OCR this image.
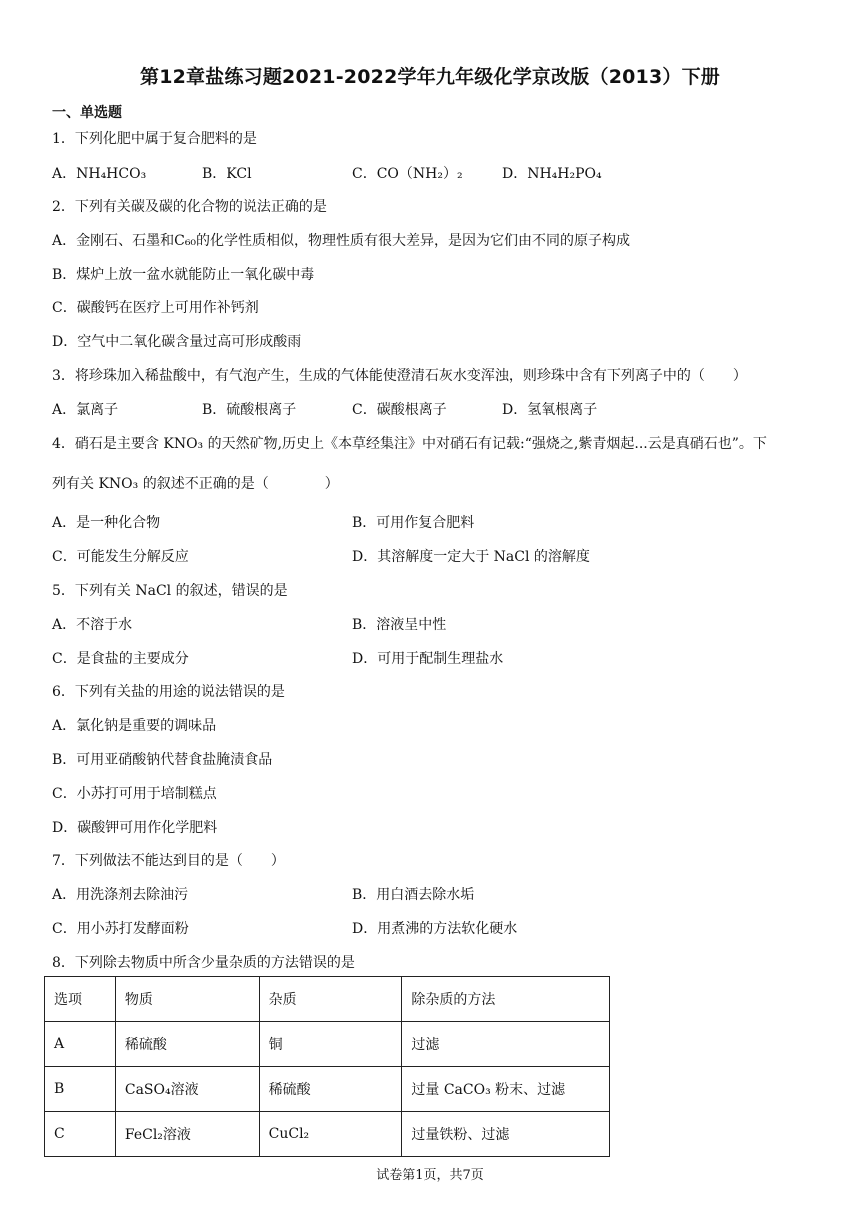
第12章盐练习题2021-2022学年九年级化学京改版（2013）下册
一、单选题
1．下列化肥中属于复合肥料的是
A．NH₄HCO₃	B．KCl	C．CO（NH₂）₂	D．NH₄H₂PO₄
2．下列有关碳及碳的化合物的说法正确的是
A．金刚石、石墨和C₆₀的化学性质相似，物理性质有很大差异，是因为它们由不同的原子构成
B．煤炉上放一盆水就能防止一氧化碳中毒
C．碳酸钙在医疗上可用作补钙剂
D．空气中二氧化碳含量过高可形成酸雨
3．将珍珠加入稀盐酸中，有气泡产生，生成的气体能使澄清石灰水变浑浊，则珍珠中含有下列离子中的（　　）
A．氯离子	B．硫酸根离子	C．碳酸根离子	D．氢氧根离子
4．硝石是主要含 KNO₃ 的天然矿物,历史上《本草经集注》中对硝石有记载:“强烧之,紫青烟起...云是真硝石也”。下
列有关 KNO₃ 的叙述不正确的是（　　　　）
A．是一种化合物	B．可用作复合肥料
C．可能发生分解反应	D．其溶解度一定大于 NaCl 的溶解度
5．下列有关 NaCl 的叙述，错误的是
A．不溶于水	B．溶液呈中性
C．是食盐的主要成分	D．可用于配制生理盐水
6．下列有关盐的用途的说法错误的是
A．氯化钠是重要的调味品
B．可用亚硝酸钠代替食盐腌渍食品
C．小苏打可用于培制糕点
D．碳酸钾可用作化学肥料
7．下列做法不能达到目的是（　　）
A．用洗涤剂去除油污	B．用白酒去除水垢
C．用小苏打发酵面粉	D．用煮沸的方法软化硬水
8．下列除去物质中所含少量杂质的方法错误的是
选项	物质	杂质	除杂质的方法
A	稀硫酸	铜	过滤
B	CaSO₄溶液	稀硫酸	过量 CaCO₃ 粉末、过滤
C	FeCl₂溶液	CuCl₂	过量铁粉、过滤
试卷第1页，共7页
